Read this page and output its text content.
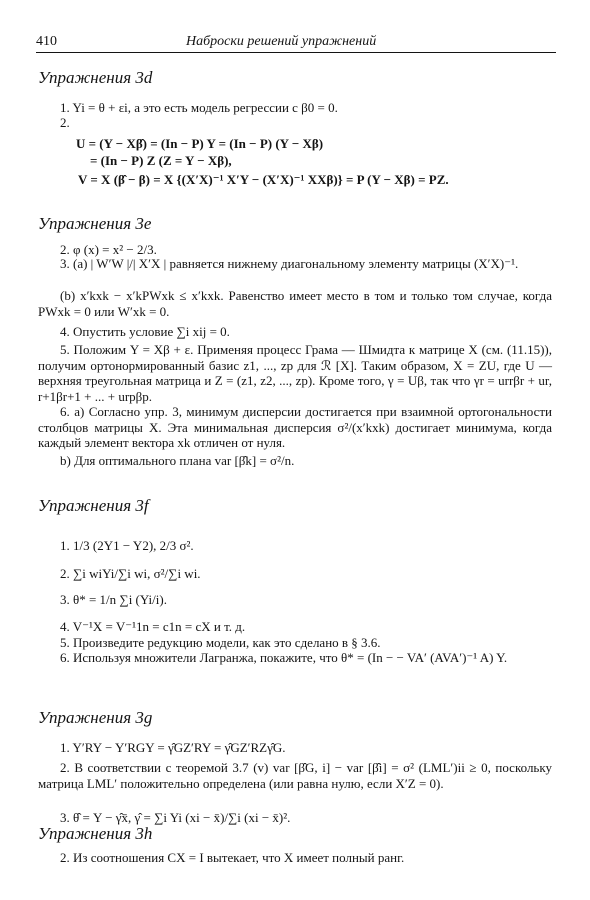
410	Наброски решений упражнений
Упражнения 3d
1. Yi = θ + εi, а это есть модель регрессии с β0 = 0.
2.
U = (Y − Xβ̂) = (In − P) Y = (In − P) (Y − Xβ)
= (In − P) Z (Z = Y − Xβ),
V = X (β̂ − β) = X {(X′X)⁻¹ X′Y − (X′X)⁻¹ XXβ)} = P (Y − Xβ) = PZ.
Упражнения 3e
2. φ (x) = x² − 2/3.
3. (a) | W′W |/| X′X | равняется нижнему диагональному элементу матрицы (X′X)⁻¹.
(b) x′kxk − x′kPWxk ≤ x′kxk. Равенство имеет место в том и только том случае, когда PWxk = 0 или W′xk = 0.
4. Опустить условие ∑i xij = 0.
5. Положим Y = Xβ + ε. Применяя процесс Грама — Шмидта к матрице X (см. (11.15)), получим ортонормированный базис z1, ..., zp для ℛ [X]. Таким образом, X = ZU, где U — верхняя треугольная матрица и Z = (z1, z2, ..., zp). Кроме того, γ = Uβ, так что γr = urrβr + ur, r+1βr+1 + ... + urpβp.
6. а) Согласно упр. 3, минимум дисперсии достигается при взаимной ортогональности столбцов матрицы X. Эта минимальная дисперсия σ²/(x′kxk) достигает минимума, когда каждый элемент вектора xk отличен от нуля.
b) Для оптимального плана var [β̂k] = σ²/n.
Упражнения 3f
1. 1/3 (2Y1 − Y2), 2/3 σ².
2. ∑i wiYi/∑i wi, σ²/∑i wi.
3. θ* = 1/n ∑i (Yi/i).
4. V⁻¹X = V⁻¹1n = c1n = cX и т. д.
5. Произведите редукцию модели, как это сделано в § 3.6.
6. Используя множители Лагранжа, покажите, что θ* = (In − − VA′ (AVA′)⁻¹ A) Y.
Упражнения 3g
1. Y′RY − Y′RGY = γ̂GZ′RY = γ̂GZ′RZγ̂G.
2. В соответствии с теоремой 3.7 (v) var [β̂G, i] − var [β̂i] = σ² (LML′)ii ≥ 0, поскольку матрица LML′ положительно определена (или равна нулю, если X′Z = 0).
3. θ̂ = Y − γ̂x̄, γ̂ = ∑i Yi (xi − x̄)/∑i (xi − x̄)².
Упражнения 3h
2. Из соотношения CX = I вытекает, что X имеет полный ранг.
